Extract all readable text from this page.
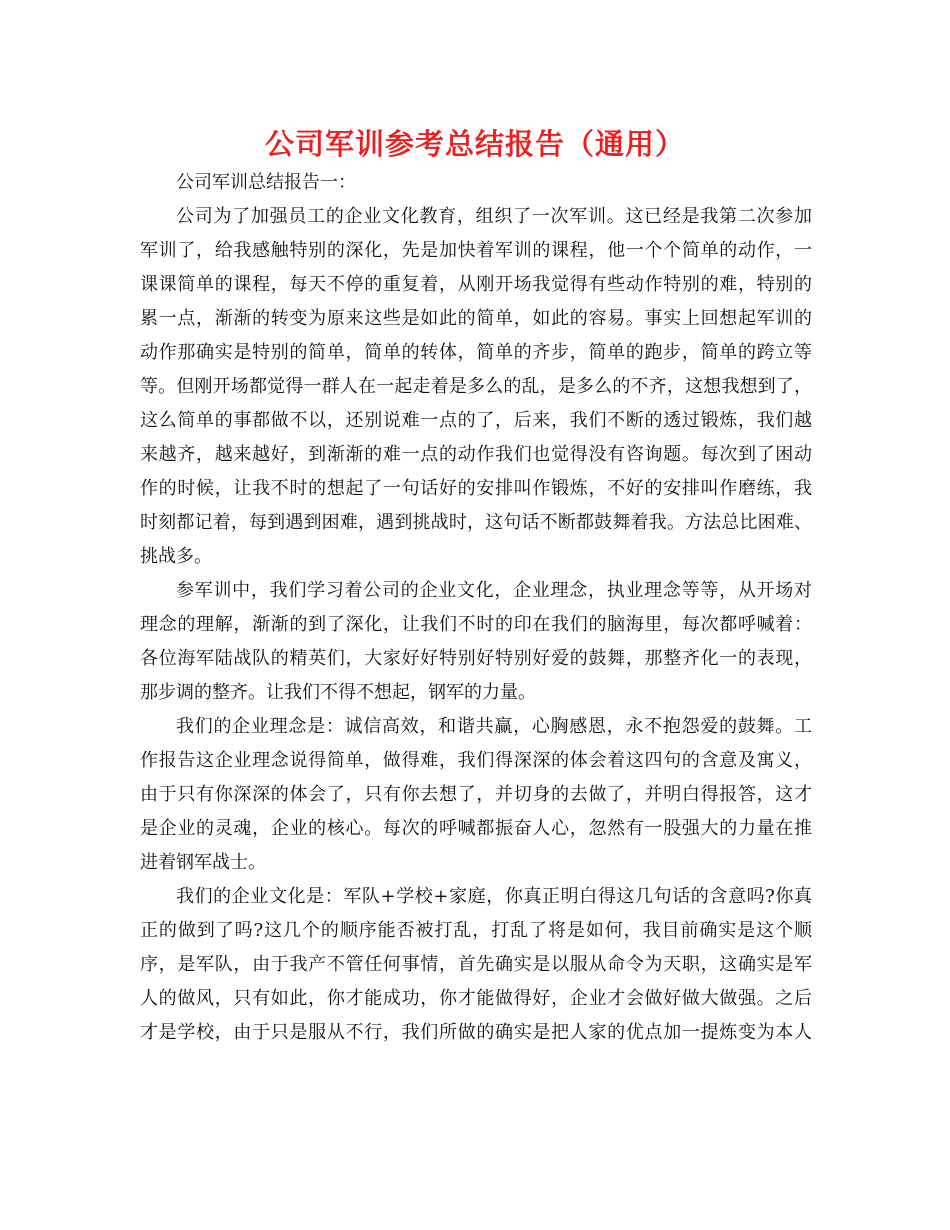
公司军训参考总结报告（通用）

公司军训总结报告一：

公司为了加强员工的企业文化教育，组织了一次军训。这已经是我第二次参加
军训了，给我感触特别的深化，先是加快着军训的课程，他一个个简单的动作，一
课课简单的课程，每天不停的重复着，从刚开场我觉得有些动作特别的难，特别的
累一点，渐渐的转变为原来这些是如此的简单，如此的容易。事实上回想起军训的
动作那确实是特别的简单，简单的转体，简单的齐步，简单的跑步，简单的跨立等
等。但刚开场都觉得一群人在一起走着是多么的乱，是多么的不齐，这想我想到了，
这么简单的事都做不以，还别说难一点的了，后来，我们不断的透过锻炼，我们越
来越齐，越来越好，到渐渐的难一点的动作我们也觉得没有咨询题。每次到了困动
作的时候，让我不时的想起了一句话好的安排叫作锻炼，不好的安排叫作磨练，我
时刻都记着，每到遇到困难，遇到挑战时，这句话不断都鼓舞着我。方法总比困难、
挑战多。

参军训中，我们学习着公司的企业文化，企业理念，执业理念等等，从开场对
理念的理解，渐渐的到了深化，让我们不时的印在我们的脑海里，每次都呼喊着：
各位海军陆战队的精英们，大家好好特别好特别好爱的鼓舞，那整齐化一的表现，
那步调的整齐。让我们不得不想起，钢军的力量。

我们的企业理念是：诚信高效，和谐共赢，心胸感恩，永不抱怨爱的鼓舞。工
作报告这企业理念说得简单，做得难，我们得深深的体会着这四句的含意及寓义，
由于只有你深深的体会了，只有你去想了，并切身的去做了，并明白得报答，这才
是企业的灵魂，企业的核心。每次的呼喊都振奋人心，忽然有一股强大的力量在推
进着钢军战士。

我们的企业文化是：军队+学校+家庭，你真正明白得这几句话的含意吗?你真
正的做到了吗?这几个的顺序能否被打乱，打乱了将是如何，我目前确实是这个顺
序，是军队，由于我产不管任何事情，首先确实是以服从命令为天职，这确实是军
人的做风，只有如此，你才能成功，你才能做得好，企业才会做好做大做强。之后
才是学校，由于只是服从不行，我们所做的确实是把人家的优点加一提炼变为本人
